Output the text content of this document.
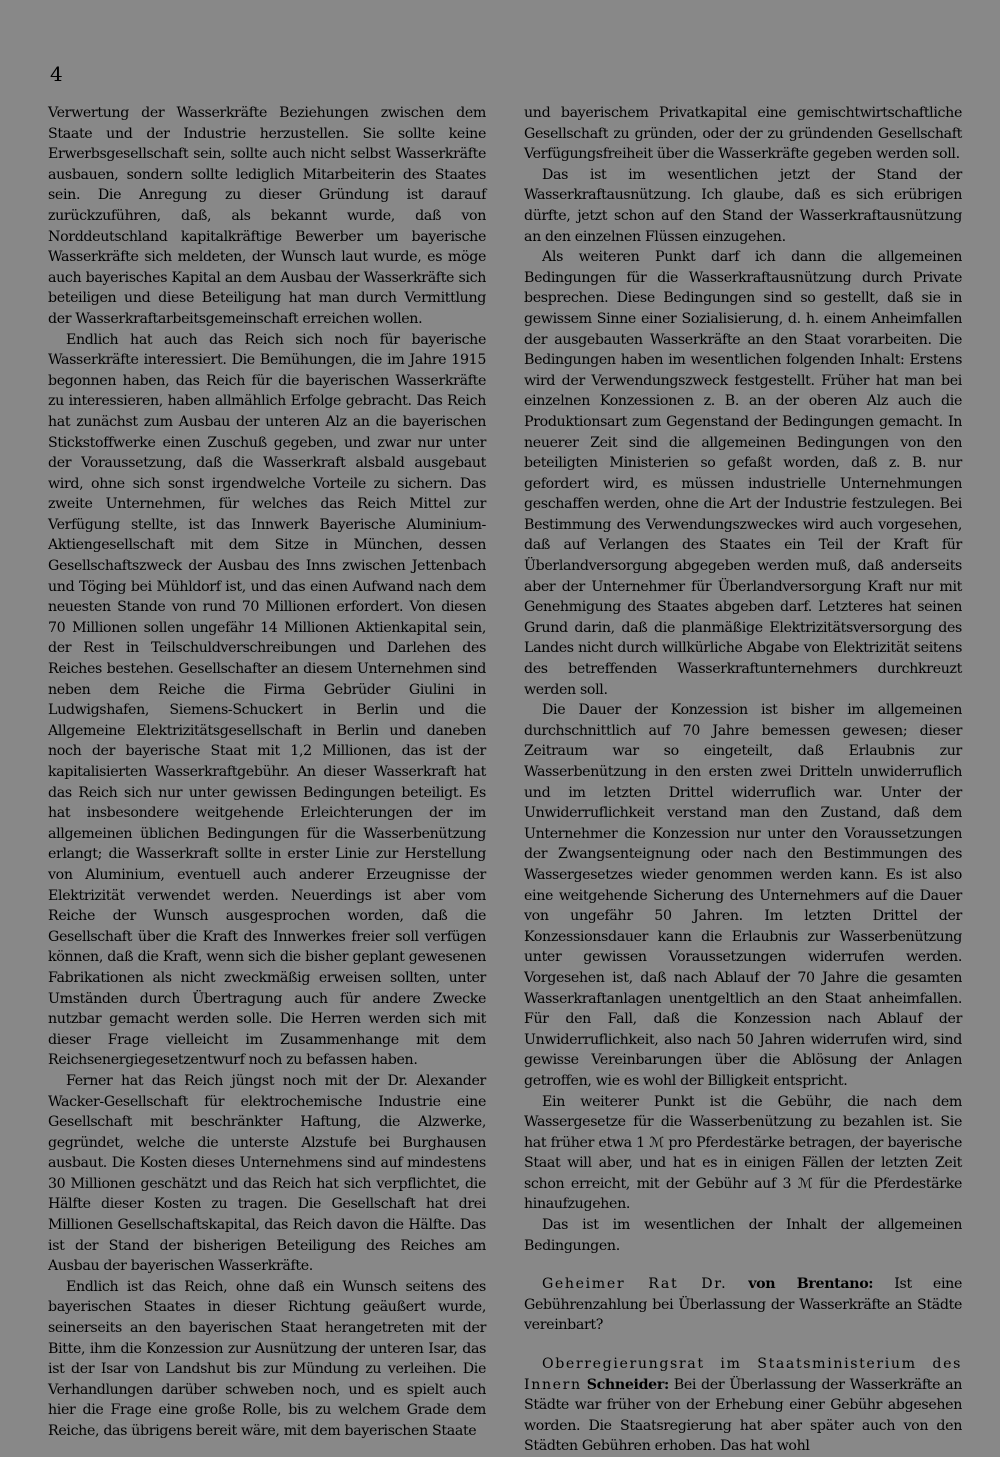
4

Verwertung der Wasserkräfte Beziehungen zwischen dem Staate und der Industrie herzustellen. Sie sollte keine Erwerbsgesellschaft sein, sollte auch nicht selbst Wasserkräfte ausbauen, sondern sollte lediglich Mitarbeiterin des Staates sein. Die Anregung zu dieser Gründung ist darauf zurückzuführen, daß, als bekannt wurde, daß von Norddeutschland kapitalkräftige Bewerber um bayerische Wasserkräfte sich meldeten, der Wunsch laut wurde, es möge auch bayerisches Kapital an dem Ausbau der Wasserkräfte sich beteiligen und diese Beteiligung hat man durch Vermittlung der Wasserkraftarbeitsgemeinschaft erreichen wollen.

Endlich hat auch das Reich sich noch für bayerische Wasserkräfte interessiert. Die Bemühungen, die im Jahre 1915 begonnen haben, das Reich für die bayerischen Wasserkräfte zu interessieren, haben allmählich Erfolge gebracht. Das Reich hat zunächst zum Ausbau der unteren Alz an die bayerischen Stickstoffwerke einen Zuschuß gegeben, und zwar nur unter der Voraussetzung, daß die Wasserkraft alsbald ausgebaut wird, ohne sich sonst irgendwelche Vorteile zu sichern. Das zweite Unternehmen, für welches das Reich Mittel zur Verfügung stellte, ist das Innwerk Bayerische Aluminium-Aktiengesellschaft mit dem Sitze in München, dessen Gesellschaftszweck der Ausbau des Inns zwischen Jettenbach und Töging bei Mühldorf ist, und das einen Aufwand nach dem neuesten Stande von rund 70 Millionen erfordert. Von diesen 70 Millionen sollen ungefähr 14 Millionen Aktienkapital sein, der Rest in Teilschuldverschreibungen und Darlehen des Reiches bestehen. Gesellschafter an diesem Unternehmen sind neben dem Reiche die Firma Gebrüder Giulini in Ludwigshafen, Siemens-Schuckert in Berlin und die Allgemeine Elektrizitätsgesellschaft in Berlin und daneben noch der bayerische Staat mit 1,2 Millionen, das ist der kapitalisierten Wasserkraftgebühr. An dieser Wasserkraft hat das Reich sich nur unter gewissen Bedingungen beteiligt. Es hat insbesondere weitgehende Erleichterungen der im allgemeinen üblichen Bedingungen für die Wasserbenützung erlangt; die Wasserkraft sollte in erster Linie zur Herstellung von Aluminium, eventuell auch anderer Erzeugnisse der Elektrizität verwendet werden. Neuerdings ist aber vom Reiche der Wunsch ausgesprochen worden, daß die Gesellschaft über die Kraft des Innwerkes freier soll verfügen können, daß die Kraft, wenn sich die bisher geplant gewesenen Fabrikationen als nicht zweckmäßig erweisen sollten, unter Umständen durch Übertragung auch für andere Zwecke nutzbar gemacht werden solle. Die Herren werden sich mit dieser Frage vielleicht im Zusammenhange mit dem Reichsenergiegesetzentwurf noch zu befassen haben.

Ferner hat das Reich jüngst noch mit der Dr. Alexander Wacker-Gesellschaft für elektrochemische Industrie eine Gesellschaft mit beschränkter Haftung, die Alzwerke, gegründet, welche die unterste Alzstufe bei Burghausen ausbaut. Die Kosten dieses Unternehmens sind auf mindestens 30 Millionen geschätzt und das Reich hat sich verpflichtet, die Hälfte dieser Kosten zu tragen. Die Gesellschaft hat drei Millionen Gesellschaftskapital, das Reich davon die Hälfte. Das ist der Stand der bisherigen Beteiligung des Reiches am Ausbau der bayerischen Wasserkräfte.

Endlich ist das Reich, ohne daß ein Wunsch seitens des bayerischen Staates in dieser Richtung geäußert wurde, seinerseits an den bayerischen Staat herangetreten mit der Bitte, ihm die Konzession zur Ausnützung der unteren Isar, das ist der Isar von Landshut bis zur Mündung zu verleihen. Die Verhandlungen darüber schweben noch, und es spielt auch hier die Frage eine große Rolle, bis zu welchem Grade dem Reiche, das übrigens bereit wäre, mit dem bayerischen Staate

und bayerischem Privatkapital eine gemischtwirtschaftliche Gesellschaft zu gründen, oder der zu gründenden Gesellschaft Verfügungsfreiheit über die Wasserkräfte gegeben werden soll.

Das ist im wesentlichen jetzt der Stand der Wasserkraftausnützung. Ich glaube, daß es sich erübrigen dürfte, jetzt schon auf den Stand der Wasserkraftausnützung an den einzelnen Flüssen einzugehen.

Als weiteren Punkt darf ich dann die allgemeinen Bedingungen für die Wasserkraftausnützung durch Private besprechen. Diese Bedingungen sind so gestellt, daß sie in gewissem Sinne einer Sozialisierung, d. h. einem Anheimfallen der ausgebauten Wasserkräfte an den Staat vorarbeiten. Die Bedingungen haben im wesentlichen folgenden Inhalt: Erstens wird der Verwendungszweck festgestellt. Früher hat man bei einzelnen Konzessionen z. B. an der oberen Alz auch die Produktionsart zum Gegenstand der Bedingungen gemacht. In neuerer Zeit sind die allgemeinen Bedingungen von den beteiligten Ministerien so gefaßt worden, daß z. B. nur gefordert wird, es müssen industrielle Unternehmungen geschaffen werden, ohne die Art der Industrie festzulegen. Bei Bestimmung des Verwendungszweckes wird auch vorgesehen, daß auf Verlangen des Staates ein Teil der Kraft für Überlandversorgung abgegeben werden muß, daß anderseits aber der Unternehmer für Überlandversorgung Kraft nur mit Genehmigung des Staates abgeben darf. Letzteres hat seinen Grund darin, daß die planmäßige Elektrizitätsversorgung des Landes nicht durch willkürliche Abgabe von Elektrizität seitens des betreffenden Wasserkraftunternehmers durchkreuzt werden soll.

Die Dauer der Konzession ist bisher im allgemeinen durchschnittlich auf 70 Jahre bemessen gewesen; dieser Zeitraum war so eingeteilt, daß Erlaubnis zur Wasserbenützung in den ersten zwei Dritteln unwiderruflich und im letzten Drittel widerruflich war. Unter der Unwiderruflichkeit verstand man den Zustand, daß dem Unternehmer die Konzession nur unter den Voraussetzungen der Zwangsenteignung oder nach den Bestimmungen des Wassergesetzes wieder genommen werden kann. Es ist also eine weitgehende Sicherung des Unternehmers auf die Dauer von ungefähr 50 Jahren. Im letzten Drittel der Konzessionsdauer kann die Erlaubnis zur Wasserbenützung unter gewissen Voraussetzungen widerrufen werden. Vorgesehen ist, daß nach Ablauf der 70 Jahre die gesamten Wasserkraftanlagen unentgeltlich an den Staat anheimfallen. Für den Fall, daß die Konzession nach Ablauf der Unwiderruflichkeit, also nach 50 Jahren widerrufen wird, sind gewisse Vereinbarungen über die Ablösung der Anlagen getroffen, wie es wohl der Billigkeit entspricht.

Ein weiterer Punkt ist die Gebühr, die nach dem Wassergesetze für die Wasserbenützung zu bezahlen ist. Sie hat früher etwa 1 ℳ pro Pferdestärke betragen, der bayerische Staat will aber, und hat es in einigen Fällen der letzten Zeit schon erreicht, mit der Gebühr auf 3 ℳ für die Pferdestärke hinaufzugehen.

Das ist im wesentlichen der Inhalt der allgemeinen Bedingungen.

Geheimer Rat Dr. von Brentano: Ist eine Gebührenzahlung bei Überlassung der Wasserkräfte an Städte vereinbart?

Oberregierungsrat im Staatsministerium des Innern Schneider: Bei der Überlassung der Wasserkräfte an Städte war früher von der Erhebung einer Gebühr abgesehen worden. Die Staatsregierung hat aber später auch von den Städten Gebühren erhoben. Das hat wohl
